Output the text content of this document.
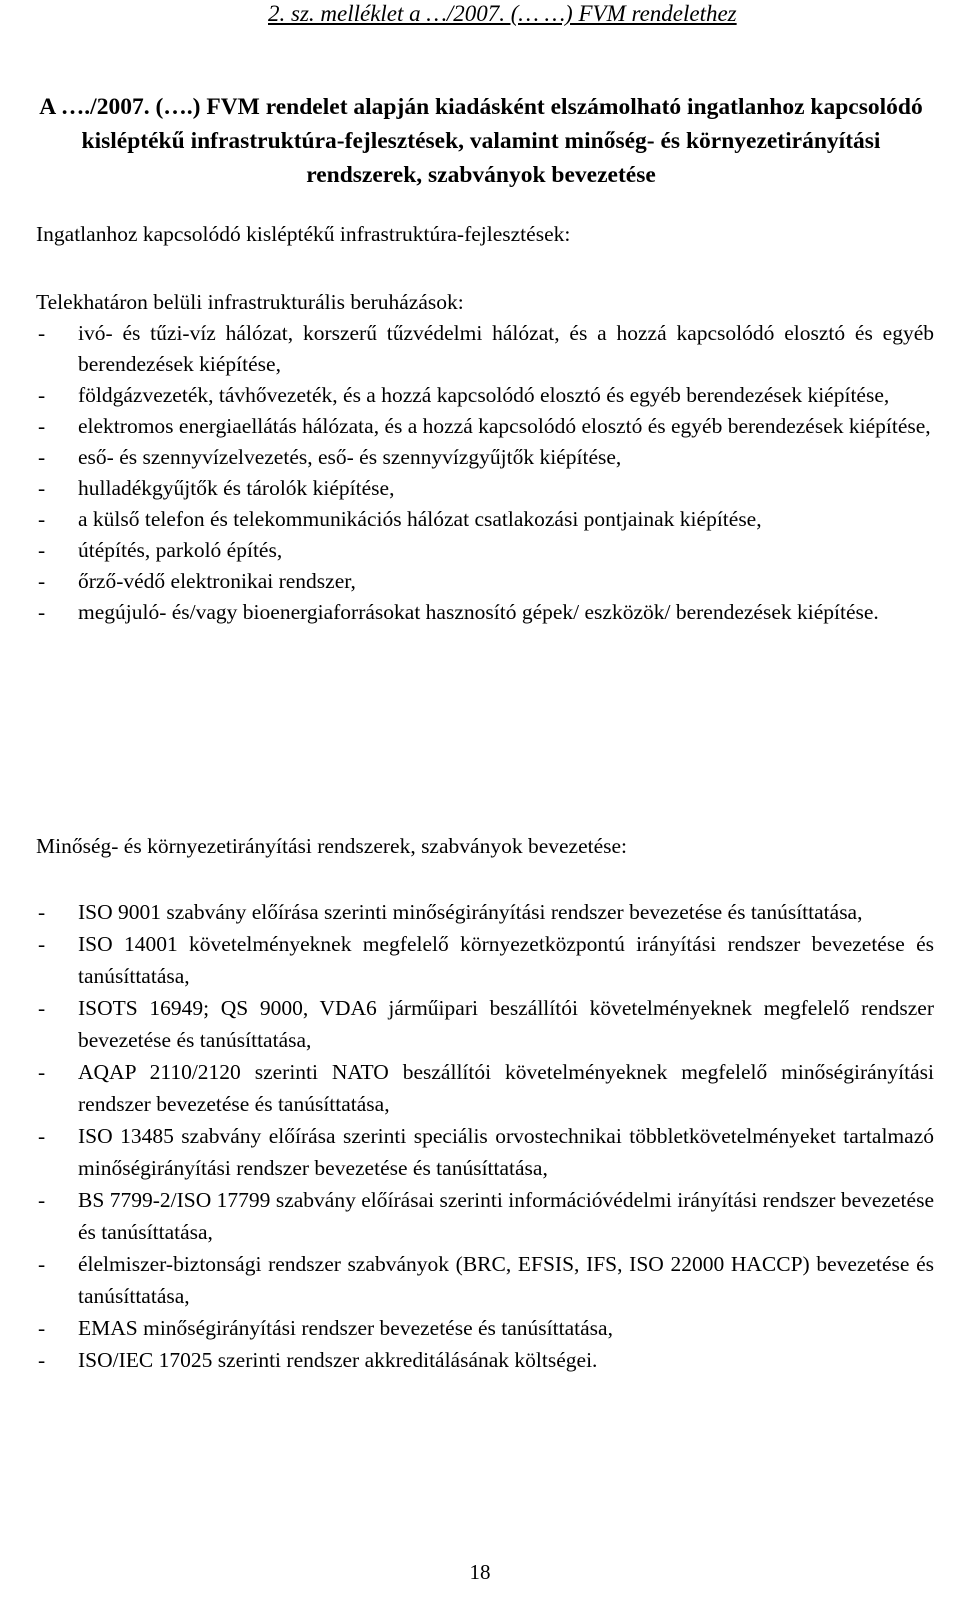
2. sz. melléklet a …/2007. (… …) FVM rendelethez
A …./2007. (….) FVM rendelet alapján kiadásként elszámolható ingatlanhoz kapcsolódó kisléptékű infrastruktúra-fejlesztések, valamint minőség- és környezetirányítási rendszerek, szabványok bevezetése
Ingatlanhoz kapcsolódó kisléptékű infrastruktúra-fejlesztések:
Telekhatáron belüli infrastrukturális beruházások:
- ivó- és tűzi-víz hálózat, korszerű tűzvédelmi hálózat, és a hozzá kapcsolódó elosztó és egyéb berendezések kiépítése,
- földgázvezeték, távhővezeték, és a hozzá kapcsolódó elosztó és egyéb berendezések kiépítése,
- elektromos energiaellátás hálózata, és a hozzá kapcsolódó elosztó és egyéb berendezések kiépítése,
- eső- és szennyvízelvezetés, eső- és szennyvízgyűjtők kiépítése,
- hulladékgyűjtők és tárolók kiépítése,
- a külső telefon és telekommunikációs hálózat csatlakozási pontjainak kiépítése,
- útépítés, parkoló építés,
- őrző-védő elektronikai rendszer,
- megújuló- és/vagy bioenergiaforrásokat hasznosító gépek/ eszközök/ berendezések kiépítése.
Minőség- és környezetirányítási rendszerek, szabványok bevezetése:
- ISO 9001 szabvány előírása szerinti minőségirányítási rendszer bevezetése és tanúsíttatása,
- ISO 14001 követelményeknek megfelelő környezetközpontú irányítási rendszer bevezetése és tanúsíttatása,
- ISOTS 16949; QS 9000, VDA6 járműipari beszállítói követelményeknek megfelelő rendszer bevezetése és tanúsíttatása,
- AQAP 2110/2120 szerinti NATO beszállítói követelményeknek megfelelő minőségirányítási rendszer bevezetése és tanúsíttatása,
- ISO 13485 szabvány előírása szerinti speciális orvostechnikai többletkövetelményeket tartalmazó minőségirányítási rendszer bevezetése és tanúsíttatása,
- BS 7799-2/ISO 17799 szabvány előírásai szerinti információvédelmi irányítási rendszer bevezetése és tanúsíttatása,
- élelmiszer-biztonsági rendszer szabványok (BRC, EFSIS, IFS, ISO 22000 HACCP) bevezetése és tanúsíttatása,
- EMAS minőségirányítási rendszer bevezetése és tanúsíttatása,
- ISO/IEC 17025 szerinti rendszer akkreditálásának költségei.
18
